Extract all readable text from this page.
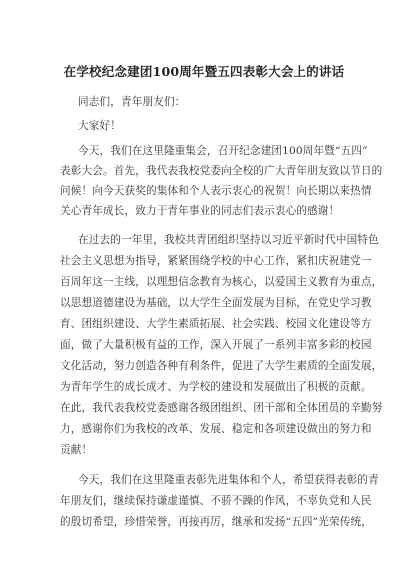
在学校纪念建团100周年暨五四表彰大会上的讲话
同志们，青年朋友们：
大家好！
今天，我们在这里隆重集会，召开纪念建团100周年暨“五四”
表彰大会。首先，我代表我校党委向全校的广大青年朋友致以节日的
问候！向今天获奖的集体和个人表示衷心的祝贺！向长期以来热情
关心青年成长，致力于青年事业的同志们表示衷心的感谢！
在过去的一年里，我校共青团组织坚持以习近平新时代中国特色
社会主义思想为指导，紧紧围绕学校的中心工作，紧扣庆祝建党一
百周年这一主线，以理想信念教育为核心，以爱国主义教育为重点，
以思想道德建设为基础，以大学生全面发展为目标，在党史学习教
育、团组织建设、大学生素质拓展、社会实践、校园文化建设等方
面，做了大量积极有益的工作，深入开展了一系列丰富多彩的校园
文化活动，努力创造各种有利条件，促进了大学生素质的全面发展，
为青年学生的成长成才、为学校的建设和发展做出了积极的贡献。
在此，我代表我校党委感谢各级团组织、团干部和全体团员的辛勤努
力，感谢你们为我校的改革、发展、稳定和各项建设做出的努力和
贡献！
今天，我们在这里隆重表彰先进集体和个人，希望获得表彰的青
年朋友们，继续保持谦虚谨慎、不骄不躁的作风，不辜负党和人民
的殷切希望，珍惜荣誉，再接再厉，继承和发扬“五四”光荣传统，
